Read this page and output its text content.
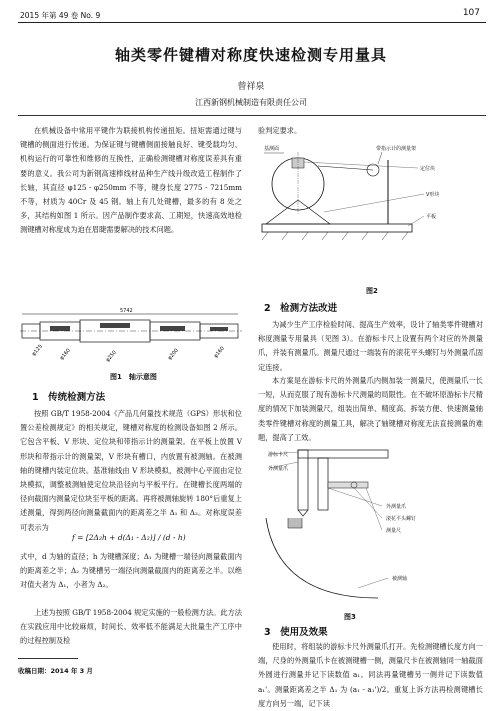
2015 年第 49 卷 No. 9	107
轴类零件键槽对称度快速检测专用量具
曾祥泉
江西新钢机械制造有限责任公司
在机械设备中常用平键作为联接机构传递扭矩。扭矩需通过键与键槽的侧面进行传递。为保证键与键槽侧面接触良好、键受载均匀、机构运行的可靠性和维修的互换性，正确检测键槽对称度误差具有重要的意义。我公司为新钢高速棒线材品种生产线升级改造工程制作了长轴，其直径 φ125 - φ250mm 不等，键身长度 2775 - 7215mm 不等，材质为 40Cr 及 45 钢。轴上有几处键槽，最多的有 8 处之多，其结构如图 1 所示。因产品制作要求高、工期短，快速高效地检测键槽对称度成为迫在眉睫需要解决的技术问题。
5742
φ125	φ160	φ250	φ200	φ160
图1　轴示意图
1　传统检测方法
按照 GB/T 1958-2004《产品几何量技术规范（GPS）形状和位置公差检测规定》的相关规定，键槽对称度的检测设备如图 2 所示。它包含平板、V 形块、定位块和带指示计的测量架。在平板上放置 V 形块和带指示计的测量架，V 形块有槽口，内放置有被测轴。在被测轴的键槽内装定位块。基准轴线由 V 形块模拟，被测中心平面由定位块模拟，调整被测轴使定位块沿径向与平板平行。在键槽长度两端的径向截面内测量定位块至平板的距离。再将被测轴旋转 180°后重复上述测量，得到两径向测量截面内的距离差之半 Δ₁ 和 Δ₂。对称度误差可表示为
f = [2Δ₂h + d(Δ₁ - Δ₂)] / (d - h)
式中，d 为轴的直径；h 为键槽深度；Δ₁ 为键槽一端径向测量截面内的距离差之半；Δ₂ 为键槽另一端径向测量截面内的距离差之半。以绝对值大者为 Δ₁，小者为 Δ₂。
上述为按照 GB/T 1958-2004 规定实施的一般检测方法。此方法在实践应用中比较麻烦，时间长、效率低不能满足大批量生产工序中的过程控制及检
收稿日期：2014 年 3 月
验判定要求。
基测面	带指示计的测量架
定位块
V形块
平板
图2
2　检测方法改进
为减少生产工序检验时间、提高生产效率，设计了轴类零件键槽对称度测量专用量具（见图 3）。在游标卡尺上设置有两个对应的外测量爪，并装有测量爪。测量尺通过一端装有的滚花平头螺钉与外测量爪固定连接。
本方案是在游标卡尺的外测量爪内侧加装一测量尺，使测量爪一长一短，从而克服了现有游标卡尺测量的局限性。在不破坏原游标卡尺精度的情况下加装测量尺，组装出简单、精度高、拆装方便、快速测量轴类零件键槽对称度的测量工具，解决了轴键槽对称度无法直接测量的难题，提高了工效。
游标卡尺
外测量爪
外测量爪
滚花平头螺钉
测量尺
被测轴
图3
3　使用及效果
使用时，将组装的游标卡尺外测量爪打开。先检测键槽长度方向一端，尺身的外测量爪卡在被测键槽一侧，测量尺卡在被测轴同一轴截面外圆进行测量并记下读数值 a₁。同法再量键槽另一侧并记下读数值 a₁'。测量距离差之半 Δ₁ 为 (a₁ - a₁')/2。重复上诉方法再检测键槽长度方向另一端，记下读
